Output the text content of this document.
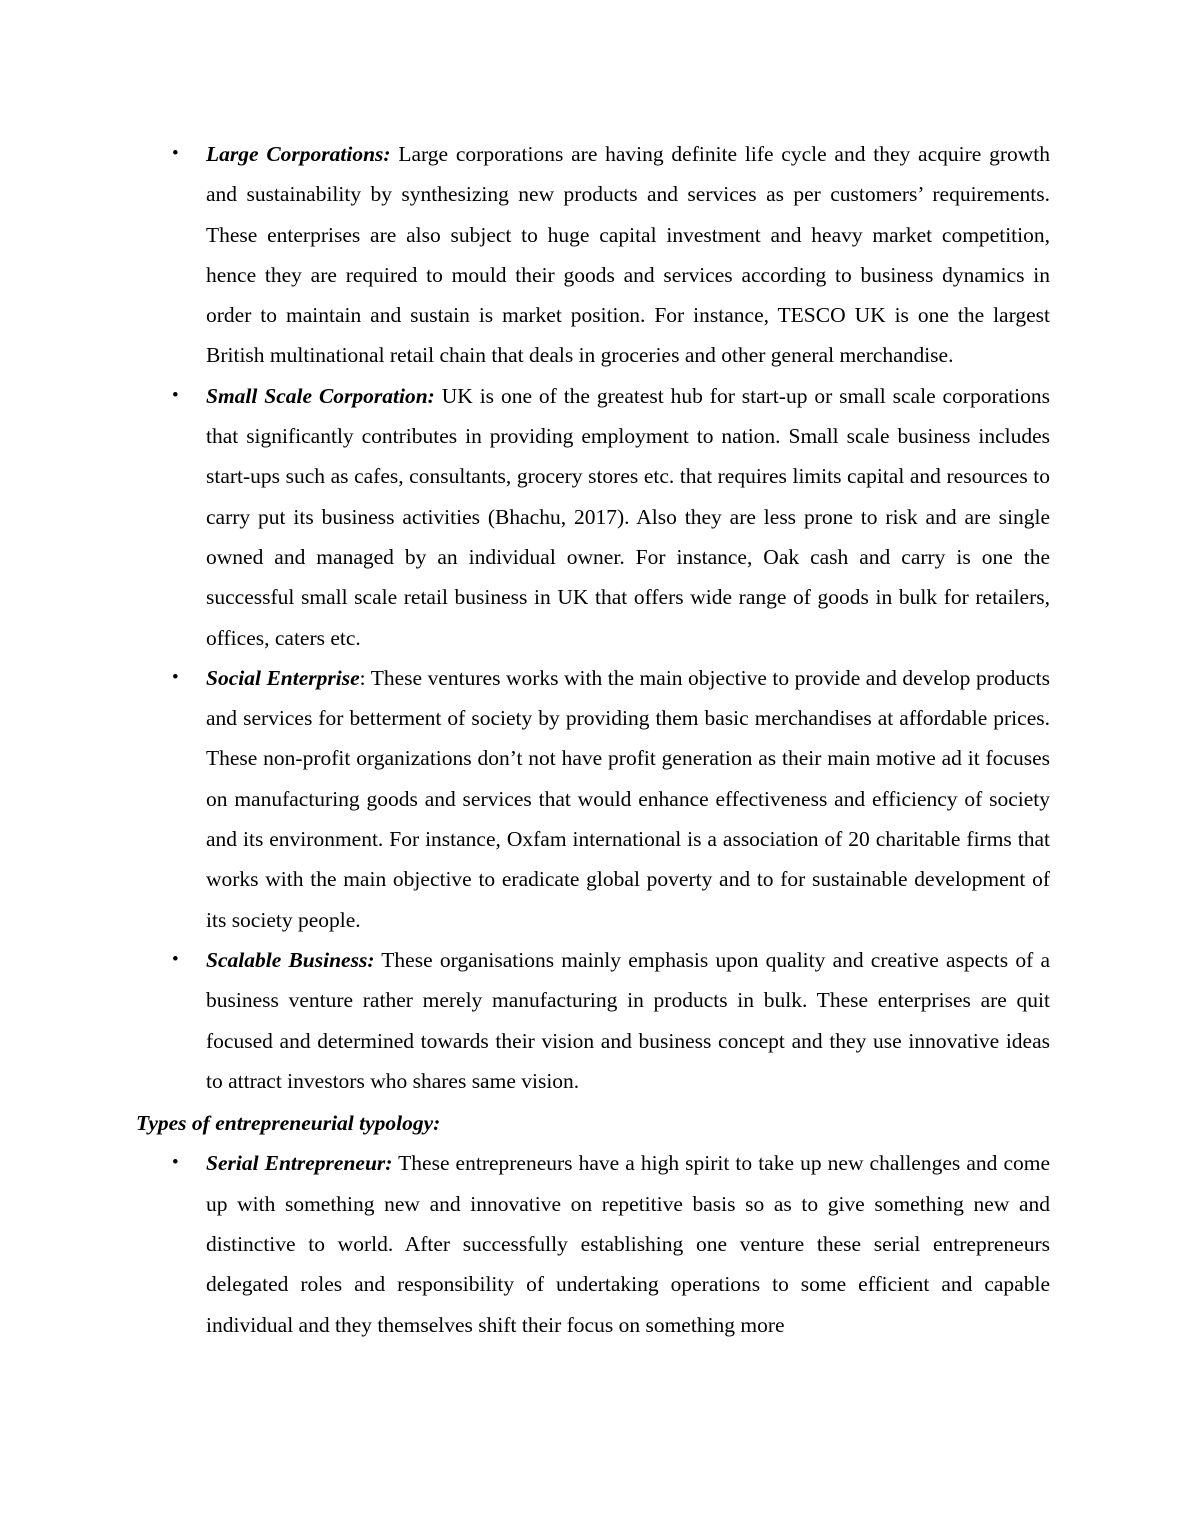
• Large Corporations: Large corporations are having definite life cycle and they acquire growth and sustainability by synthesizing new products and services as per customers’ requirements. These enterprises are also subject to huge capital investment and heavy market competition, hence they are required to mould their goods and services according to business dynamics in order to maintain and sustain is market position. For instance, TESCO UK is one the largest British multinational retail chain that deals in groceries and other general merchandise.

• Small Scale Corporation: UK is one of the greatest hub for start-up or small scale corporations that significantly contributes in providing employment to nation. Small scale business includes start-ups such as cafes, consultants, grocery stores etc. that requires limits capital and resources to carry put its business activities (Bhachu, 2017). Also they are less prone to risk and are single owned and managed by an individual owner. For instance, Oak cash and carry is one the successful small scale retail business in UK that offers wide range of goods in bulk for retailers, offices, caters etc.

• Social Enterprise: These ventures works with the main objective to provide and develop products and services for betterment of society by providing them basic merchandises at affordable prices. These non-profit organizations don’t not have profit generation as their main motive ad it focuses on manufacturing goods and services that would enhance effectiveness and efficiency of society and its environment. For instance, Oxfam international is a association of 20 charitable firms that works with the main objective to eradicate global poverty and to for sustainable development of its society people.

• Scalable Business: These organisations mainly emphasis upon quality and creative aspects of a business venture rather merely manufacturing in products in bulk. These enterprises are quit focused and determined towards their vision and business concept and they use innovative ideas to attract investors who shares same vision.

Types of entrepreneurial typology:

• Serial Entrepreneur: These entrepreneurs have a high spirit to take up new challenges and come up with something new and innovative on repetitive basis so as to give something new and distinctive to world. After successfully establishing one venture these serial entrepreneurs delegated roles and responsibility of undertaking operations to some efficient and capable individual and they themselves shift their focus on something more
